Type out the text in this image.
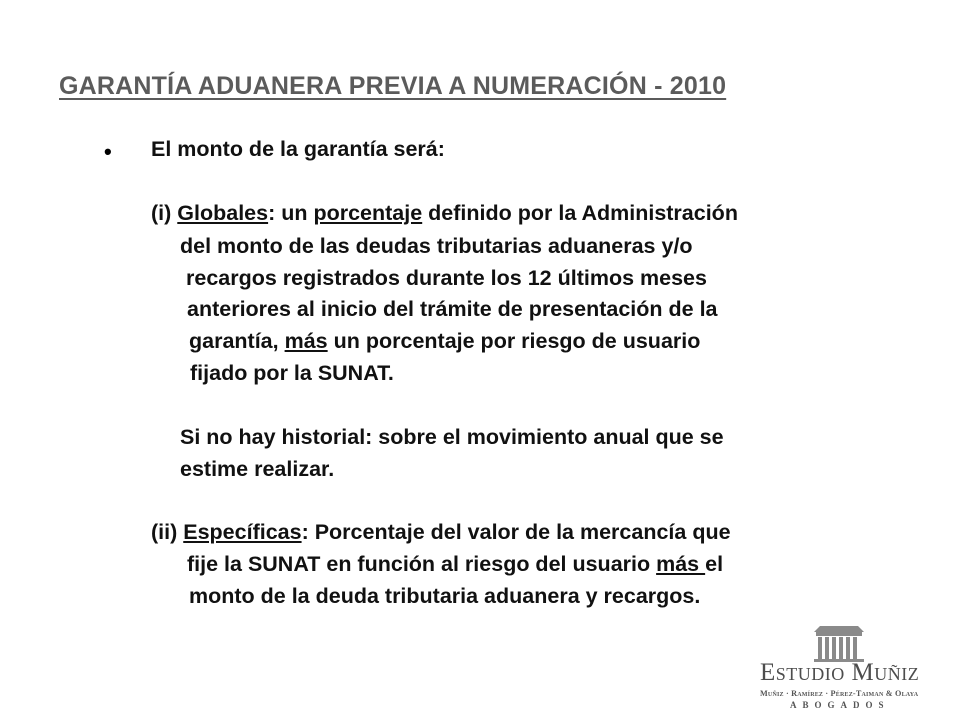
GARANTÍA ADUANERA PREVIA A NUMERACIÓN - 2010
• El monto de la garantía será:
(i) Globales: un porcentaje definido por la Administración
del monto de las deudas tributarias aduaneras y/o
recargos registrados durante los 12 últimos meses
anteriores al inicio del trámite de presentación de la
garantía, más un porcentaje por riesgo de usuario
fijado por la SUNAT.
Si no hay historial: sobre el movimiento anual que se
estime realizar.
(ii) Específicas: Porcentaje del valor de la mercancía que
fije la SUNAT en función al riesgo del usuario más el
monto de la deuda tributaria aduanera y recargos.
Estudio Muñiz
Muñiz · Ramírez · Pérez-Taiman & Olaya
ABOGADOS
